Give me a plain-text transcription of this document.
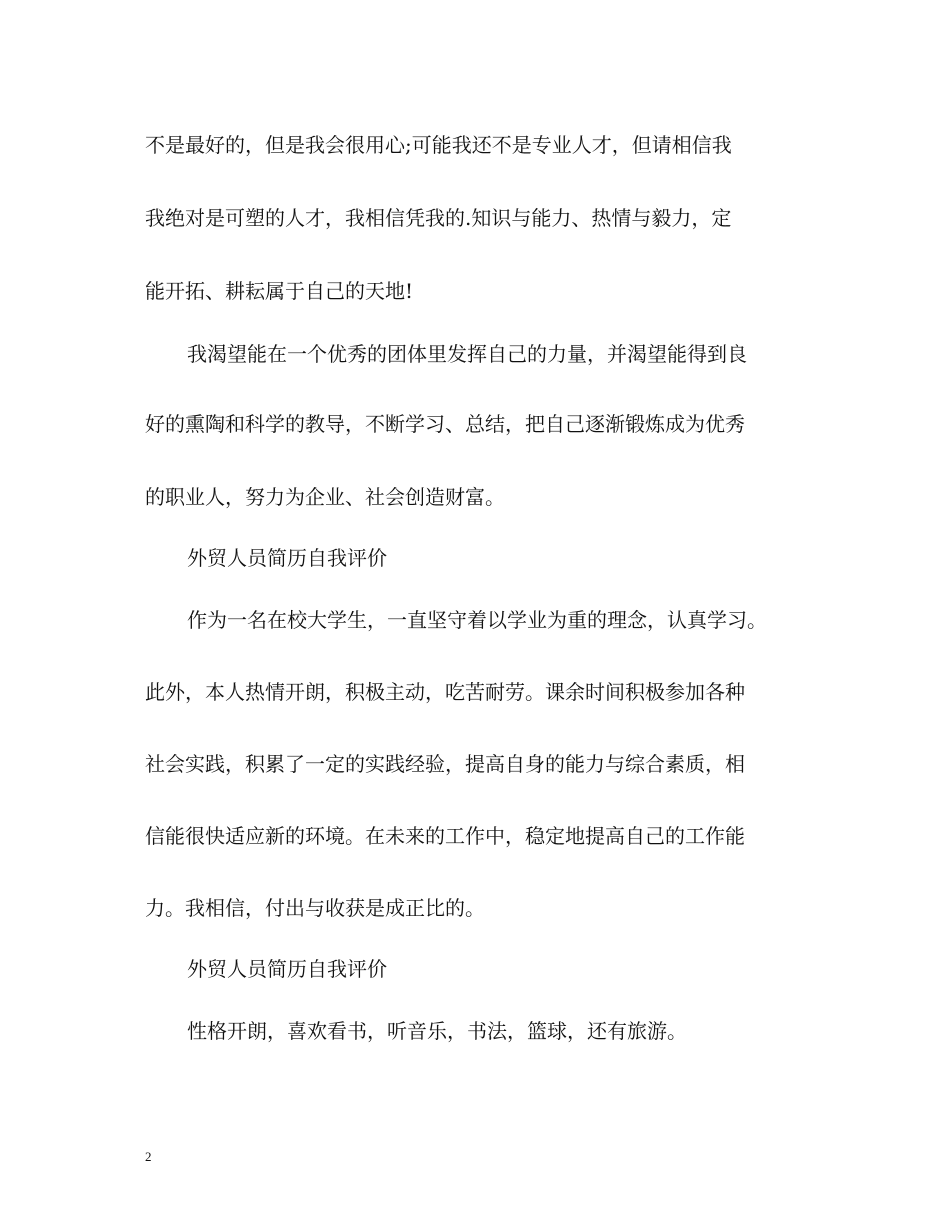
不是最好的，但是我会很用心;可能我还不是专业人才，但请相信我
我绝对是可塑的人才，我相信凭我的.知识与能力、热情与毅力，定
能开拓、耕耘属于自己的天地!
我渴望能在一个优秀的团体里发挥自己的力量，并渴望能得到良
好的熏陶和科学的教导，不断学习、总结，把自己逐渐锻炼成为优秀
的职业人，努力为企业、社会创造财富。
外贸人员简历自我评价
作为一名在校大学生，一直坚守着以学业为重的理念，认真学习。
此外，本人热情开朗，积极主动，吃苦耐劳。课余时间积极参加各种
社会实践，积累了一定的实践经验，提高自身的能力与综合素质，相
信能很快适应新的环境。在未来的工作中，稳定地提高自己的工作能
力。我相信，付出与收获是成正比的。
外贸人员简历自我评价
性格开朗，喜欢看书，听音乐，书法，篮球，还有旅游。
2
